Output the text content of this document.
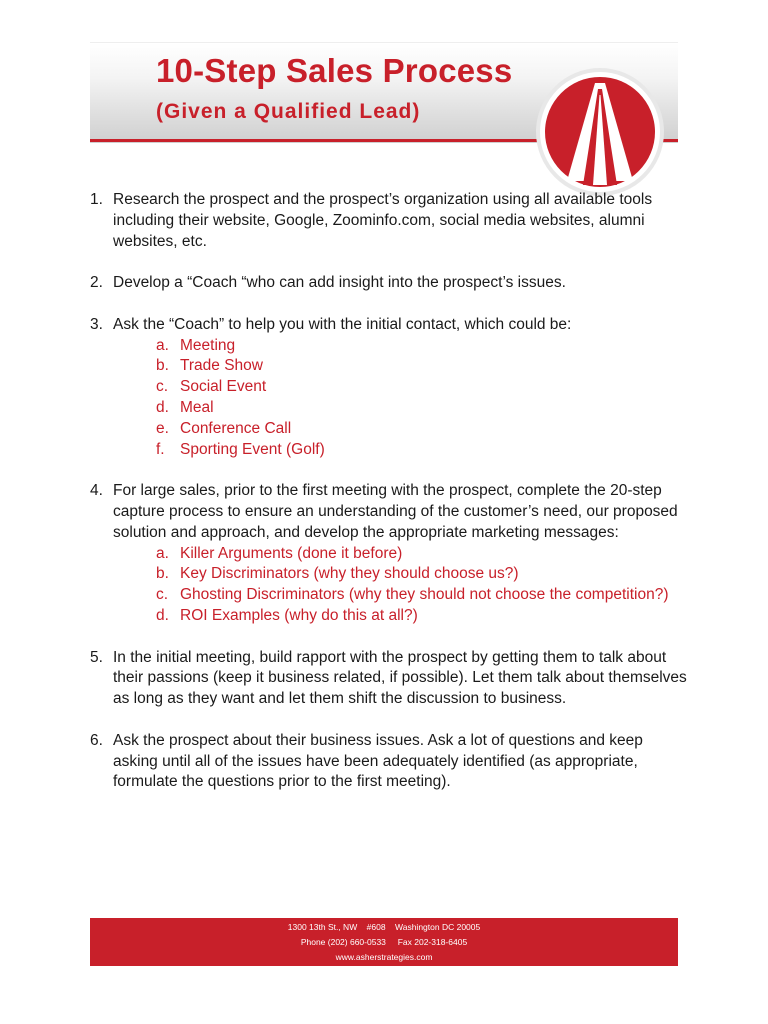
10-Step Sales Process
(Given a Qualified Lead)
1. Research the prospect and the prospect’s organization using all available tools including their website, Google, Zoominfo.com, social media websites, alumni websites, etc.
2. Develop a “Coach “who can add insight into the prospect’s issues.
3. Ask the “Coach” to help you with the initial contact, which could be:
a. Meeting
b. Trade Show
c. Social Event
d. Meal
e. Conference Call
f. Sporting Event (Golf)
4. For large sales, prior to the first meeting with the prospect, complete the 20-step capture process to ensure an understanding of the customer’s need, our proposed solution and approach, and develop the appropriate marketing messages:
a. Killer Arguments (done it before)
b. Key Discriminators (why they should choose us?)
c. Ghosting Discriminators (why they should not choose the competition?)
d. ROI Examples (why do this at all?)
5. In the initial meeting, build rapport with the prospect by getting them to talk about their passions (keep it business related, if possible). Let them talk about themselves as long as they want and let them shift the discussion to business.
6. Ask the prospect about their business issues. Ask a lot of questions and keep asking until all of the issues have been adequately identified (as appropriate, formulate the questions prior to the first meeting).
1300 13th St., NW    #608    Washington DC 20005
Phone (202) 660-0533     Fax 202-318-6405
www.asherstrategies.com
